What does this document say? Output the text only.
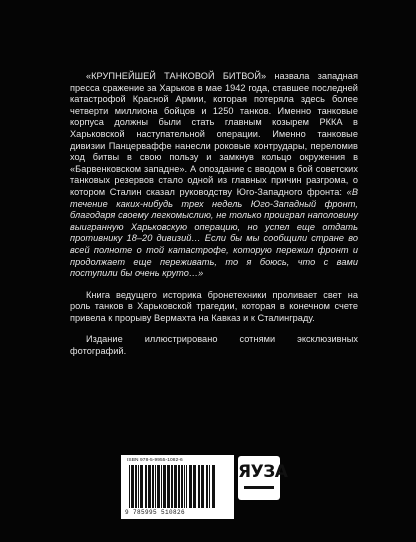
«КРУПНЕЙШЕЙ ТАНКОВОЙ БИТВОЙ» назвала западная пресса сражение за Харьков в мае 1942 года, ставшее последней катастрофой Красной Армии, которая потеряла здесь более четверти миллиона бойцов и 1250 танков. Именно танковые корпуса должны были стать главным козырем РККА в Харьковской наступательной операции. Именно танковые дивизии Панцерваффе нанесли роковые контрудары, переломив ход битвы в свою пользу и замкнув кольцо окружения в «Барвенковском западне». А опоздание с вводом в бой советских танковых резервов стало одной из главных причин разгрома, о котором Сталин сказал руководству Юго-Западного фронта: «В течение каких-нибудь трех недель Юго-Западный фронт, благодаря своему легкомыслию, не только проиграл наполовину выигранную Харьковскую операцию, но успел еще отдать противнику 18–20 дивизий… Если бы мы сообщили стране во всей полноте о той катастрофе, которую пережил фронт и продолжает еще переживать, то я боюсь, что с вами поступили бы очень круто…»

Книга ведущего историка бронетехники проливает свет на роль танков в Харьковской трагедии, которая в конечном счете привела к прорыву Вермахта на Кавказ и к Сталинграду.

Издание иллюстрировано сотнями эксклюзивных фотографий.

ISBN 978-5-9955-1082-6
9 785995 510826
ЯУЗА
